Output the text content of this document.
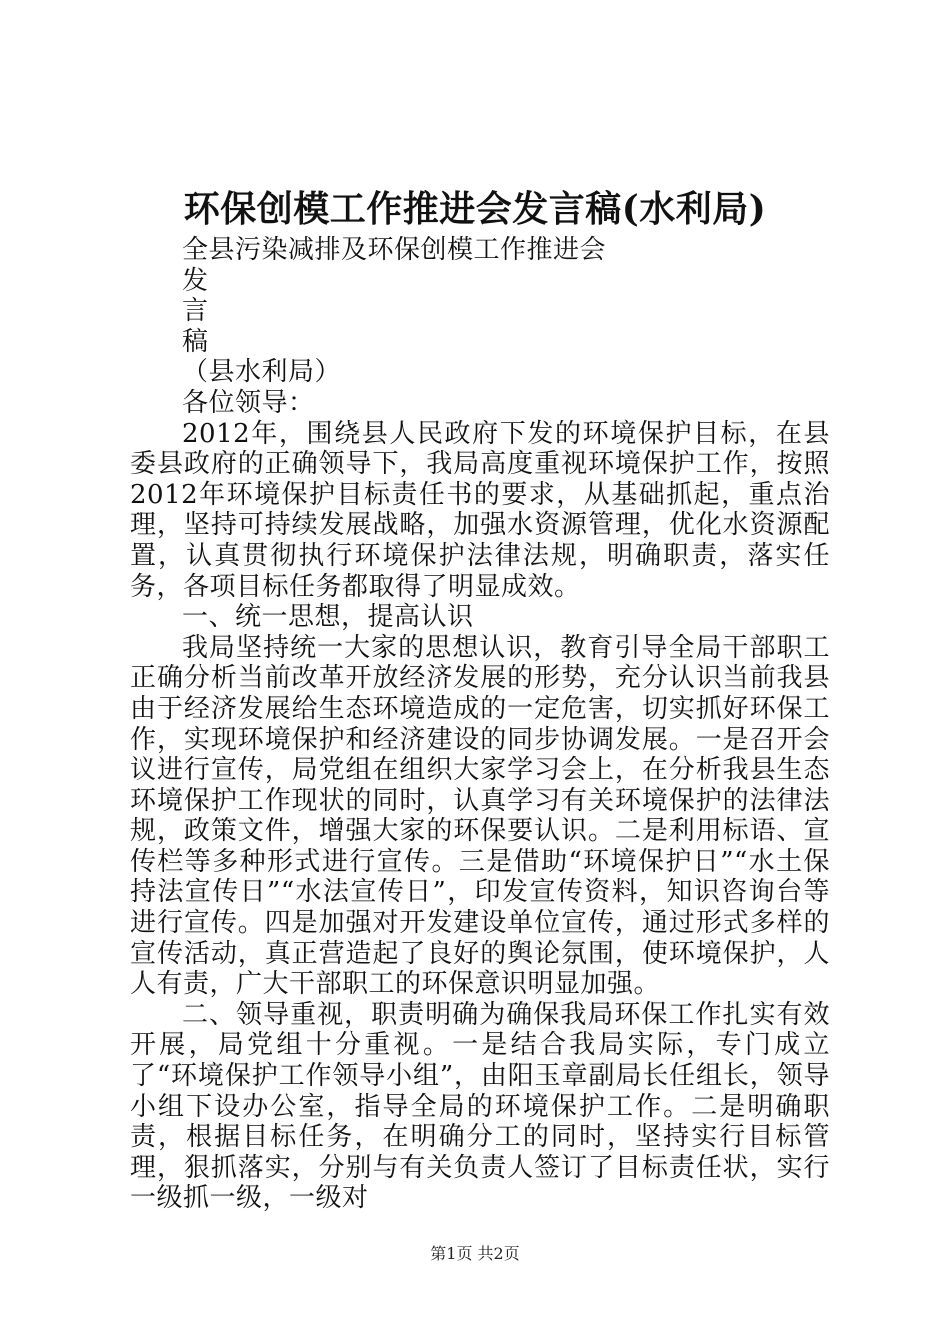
环保创模工作推进会发言稿(水利局)

全县污染减排及环保创模工作推进会

发

言

稿

（县水利局）

各位领导：

2012年，围绕县人民政府下发的环境保护目标，在县委县政府的正确领导下，我局高度重视环境保护工作，按照2012年环境保护目标责任书的要求，从基础抓起，重点治理，坚持可持续发展战略，加强水资源管理，优化水资源配置，认真贯彻执行环境保护法律法规，明确职责，落实任务，各项目标任务都取得了明显成效。

一、统一思想，提高认识

我局坚持统一大家的思想认识，教育引导全局干部职工正确分析当前改革开放经济发展的形势，充分认识当前我县由于经济发展给生态环境造成的一定危害，切实抓好环保工作，实现环境保护和经济建设的同步协调发展。一是召开会议进行宣传，局党组在组织大家学习会上，在分析我县生态环境保护工作现状的同时，认真学习有关环境保护的法律法规，政策文件，增强大家的环保要认识。二是利用标语、宣传栏等多种形式进行宣传。三是借助“环境保护日”“水土保持法宣传日”“水法宣传日”，印发宣传资料，知识咨询台等进行宣传。四是加强对开发建设单位宣传，通过形式多样的宣传活动，真正营造起了良好的舆论氛围，使环境保护，人人有责，广大干部职工的环保意识明显加强。

二、领导重视，职责明确为确保我局环保工作扎实有效开展，局党组十分重视。一是结合我局实际，专门成立了“环境保护工作领导小组”，由阳玉章副局长任组长，领导小组下设办公室，指导全局的环境保护工作。二是明确职责，根据目标任务，在明确分工的同时，坚持实行目标管理，狠抓落实，分别与有关负责人签订了目标责任状，实行一级抓一级，一级对

第1页 共2页
